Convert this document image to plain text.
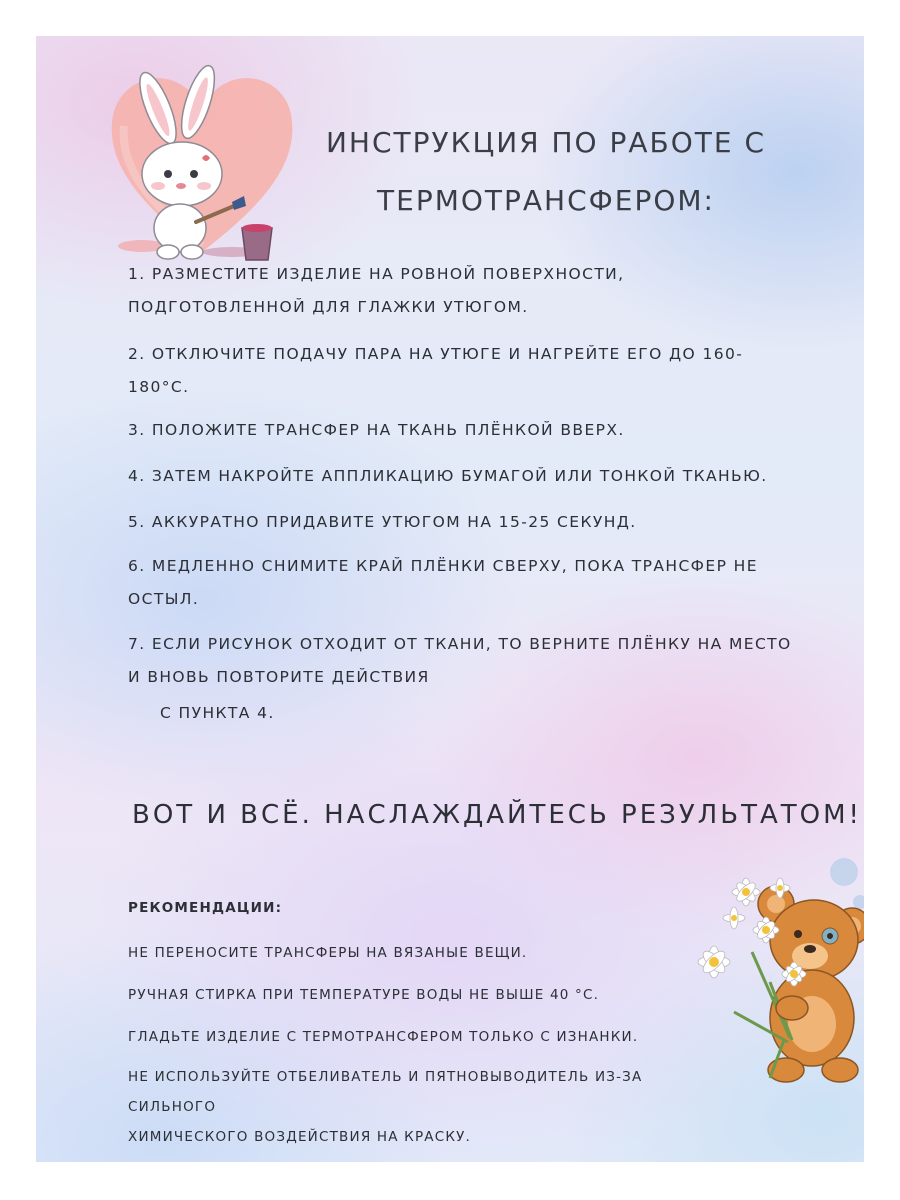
ИНСТРУКЦИЯ ПО РАБОТЕ С
ТЕРМОТРАНСФЕРОМ:
1. РАЗМЕСТИТЕ ИЗДЕЛИЕ НА РОВНОЙ ПОВЕРХНОСТИ,
ПОДГОТОВЛЕННОЙ ДЛЯ ГЛАЖКИ УТЮГОМ.
2. ОТКЛЮЧИТЕ ПОДАЧУ ПАРА НА УТЮГЕ И НАГРЕЙТЕ ЕГО ДО 160-
180°С.
3. ПОЛОЖИТЕ ТРАНСФЕР НА ТКАНЬ ПЛЁНКОЙ ВВЕРХ.
4. ЗАТЕМ НАКРОЙТЕ АППЛИКАЦИЮ БУМАГОЙ ИЛИ ТОНКОЙ ТКАНЬЮ.
5. АККУРАТНО ПРИДАВИТЕ УТЮГОМ НА 15-25 СЕКУНД.
6. МЕДЛЕННО СНИМИТЕ КРАЙ ПЛЁНКИ СВЕРХУ, ПОКА ТРАНСФЕР НЕ
ОСТЫЛ.
7. ЕСЛИ РИСУНОК ОТХОДИТ ОТ ТКАНИ, ТО ВЕРНИТЕ ПЛЁНКУ НА МЕСТО
И ВНОВЬ ПОВТОРИТЕ ДЕЙСТВИЯ
С ПУНКТА 4.
ВОТ И ВСЁ. НАСЛАЖДАЙТЕСЬ РЕЗУЛЬТАТОМ!
РЕКОМЕНДАЦИИ:
НЕ ПЕРЕНОСИТЕ ТРАНСФЕРЫ НА ВЯЗАНЫЕ ВЕЩИ.
РУЧНАЯ СТИРКА ПРИ ТЕМПЕРАТУРЕ ВОДЫ НЕ ВЫШЕ 40 °С.
ГЛАДЬТЕ ИЗДЕЛИЕ С ТЕРМОТРАНСФЕРОМ ТОЛЬКО С ИЗНАНКИ.
НЕ ИСПОЛЬЗУЙТЕ ОТБЕЛИВАТЕЛЬ И ПЯТНОВЫВОДИТЕЛЬ ИЗ-ЗА СИЛЬНОГО
ХИМИЧЕСКОГО ВОЗДЕЙСТВИЯ НА КРАСКУ.
